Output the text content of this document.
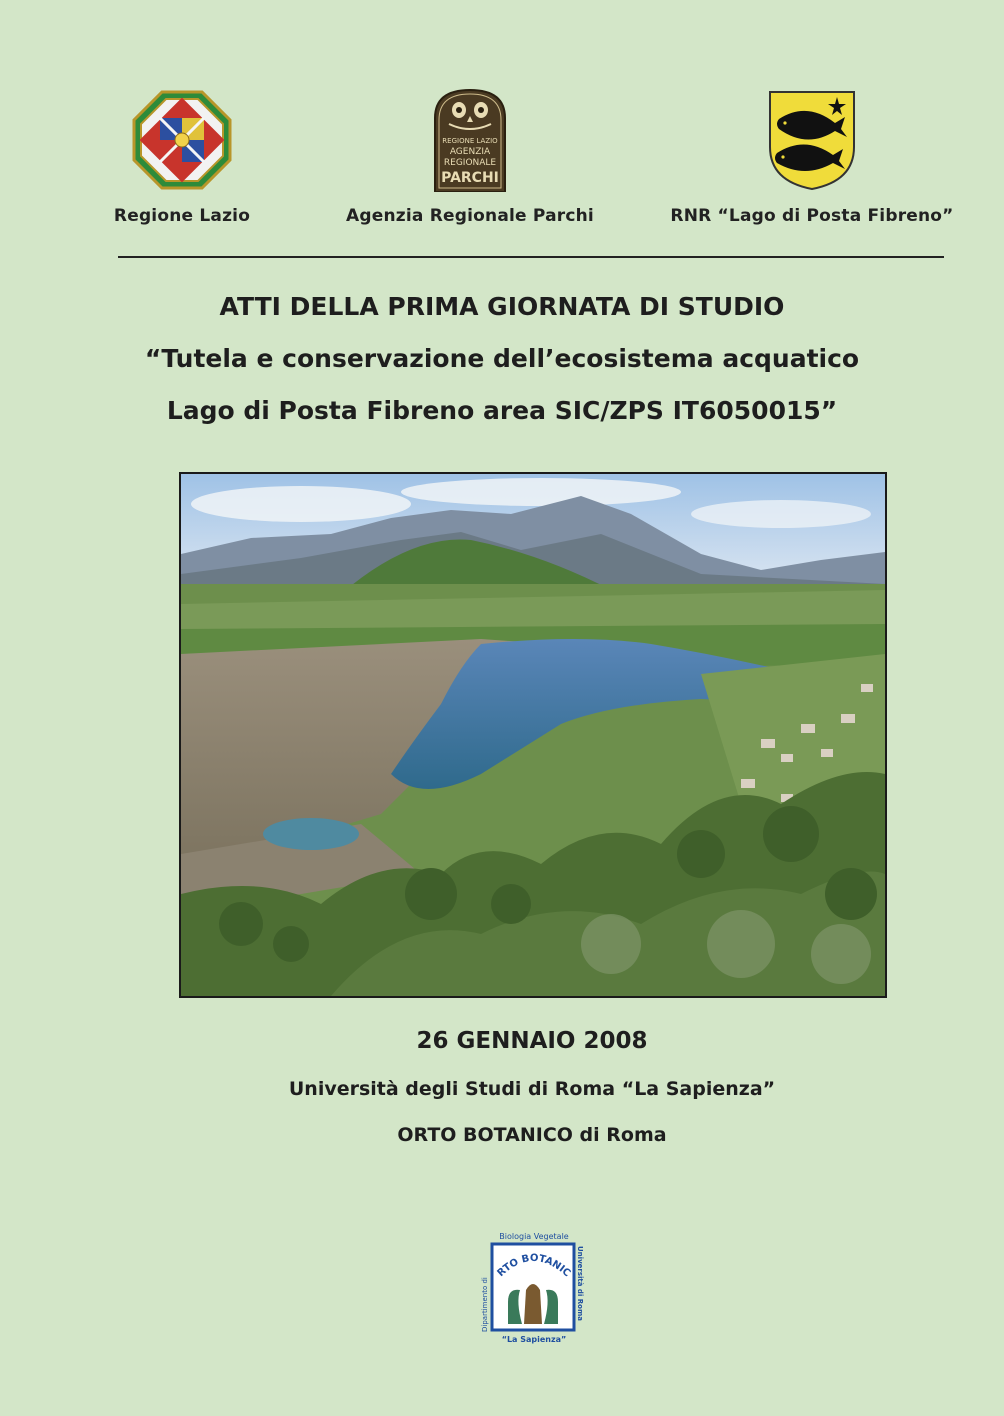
Regione Lazio
REGIONE LAZIO
AGENZIA
REGIONALE
PARCHI
Agenzia Regionale Parchi	RNR “Lago di Posta Fibreno”
ATTI DELLA PRIMA GIORNATA DI STUDIO
“Tutela e conservazione dell’ecosistema acquatico
Lago di Posta Fibreno area SIC/ZPS IT6050015”
26 GENNAIO 2008
Università degli Studi di Roma “La Sapienza”
ORTO BOTANICO di Roma
Biologia Vegetale
Dipartimento di	Università di Roma
RTO BOTANIC
“La Sapienza”
